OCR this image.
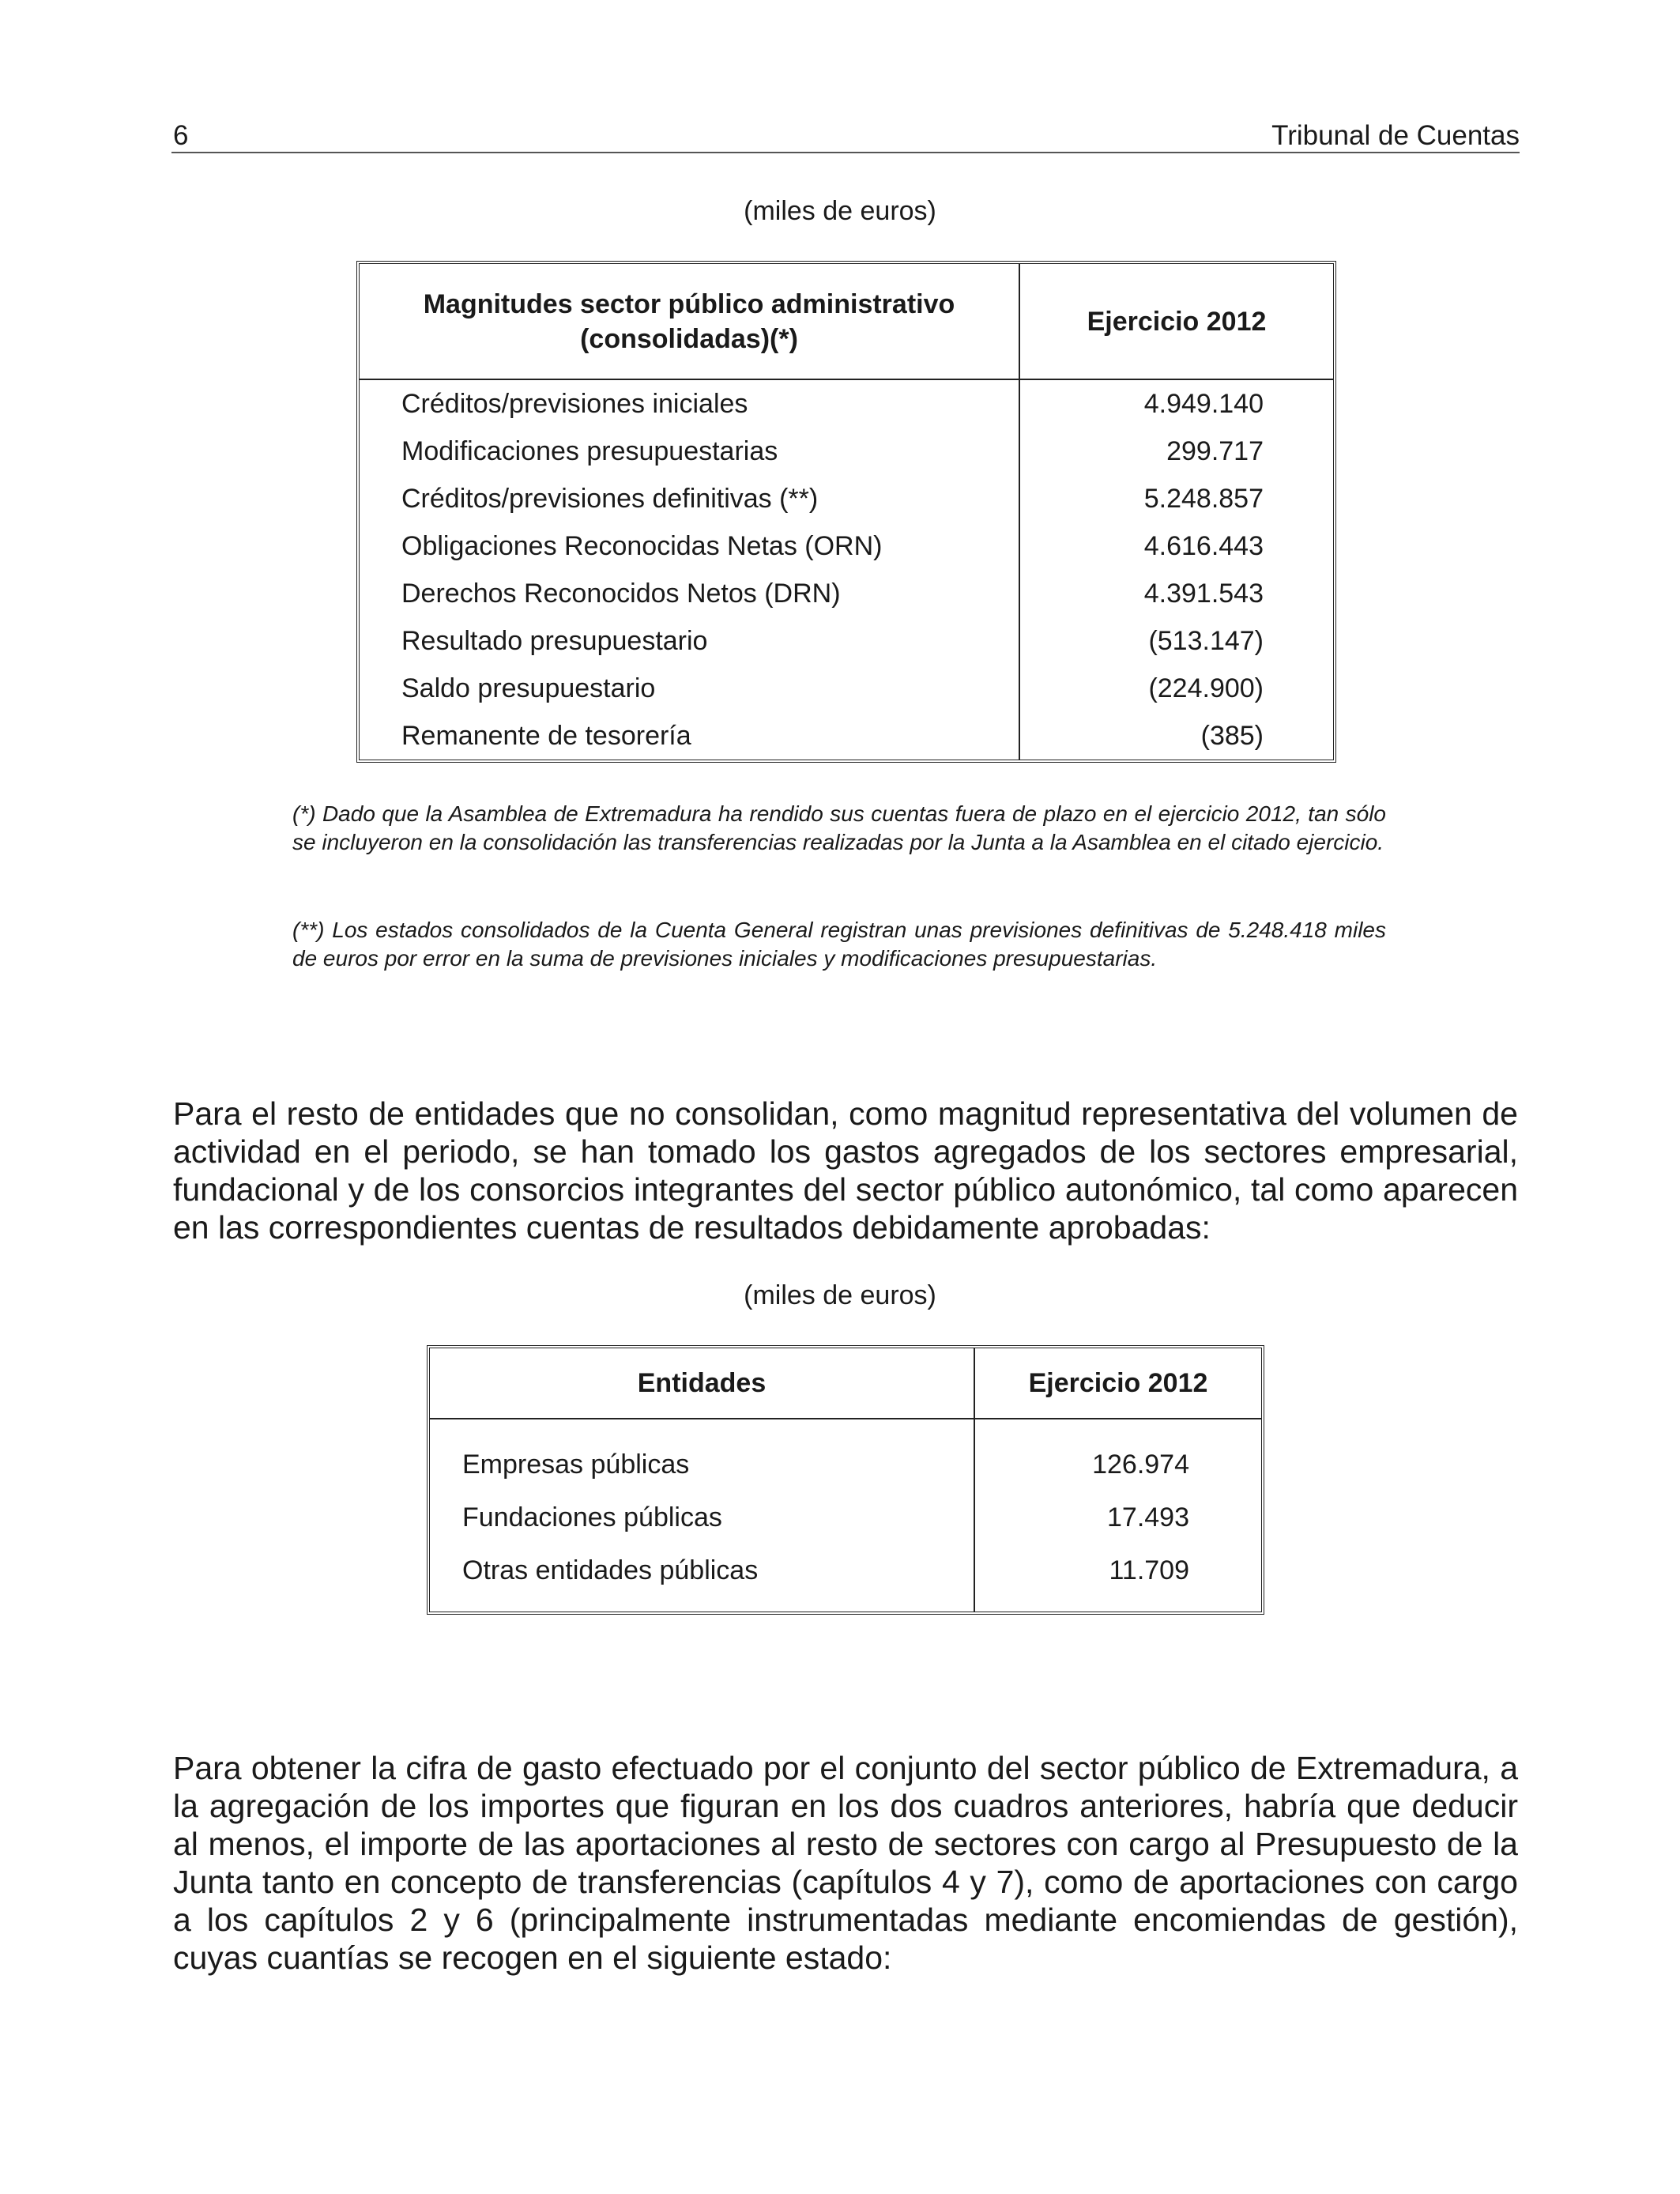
6	Tribunal de Cuentas
(miles de euros)
Magnitudes sector público administrativo (consolidadas)(*)	Ejercicio 2012
Créditos/previsiones iniciales	4.949.140
Modificaciones presupuestarias	299.717
Créditos/previsiones definitivas (**)	5.248.857
Obligaciones Reconocidas Netas (ORN)	4.616.443
Derechos Reconocidos Netos (DRN)	4.391.543
Resultado presupuestario	(513.147)
Saldo presupuestario	(224.900)
Remanente de tesorería	(385)
(*) Dado que la Asamblea de Extremadura ha rendido sus cuentas fuera de plazo en el ejercicio 2012, tan sólo se incluyeron en la consolidación las transferencias realizadas por la Junta a la Asamblea en el citado ejercicio.
(**) Los estados consolidados de la Cuenta General registran unas previsiones definitivas de 5.248.418 miles de euros por error en la suma de previsiones iniciales y modificaciones presupuestarias.
Para el resto de entidades que no consolidan, como magnitud representativa del volumen de actividad en el periodo, se han tomado los gastos agregados de los sectores empresarial, fundacional y de los consorcios integrantes del sector público autonómico, tal como aparecen en las correspondientes cuentas de resultados debidamente aprobadas:
(miles de euros)
Entidades	Ejercicio 2012
Empresas públicas	126.974
Fundaciones públicas	17.493
Otras entidades públicas	11.709
Para obtener la cifra de gasto efectuado por el conjunto del sector público de Extremadura, a la agregación de los importes que figuran en los dos cuadros anteriores, habría que deducir al menos, el importe de las aportaciones al resto de sectores con cargo al Presupuesto de la Junta tanto en concepto de transferencias (capítulos 4 y 7), como de aportaciones con cargo a los capítulos 2 y 6 (principalmente instrumentadas mediante encomiendas de gestión), cuyas cuantías se recogen en el siguiente estado:
